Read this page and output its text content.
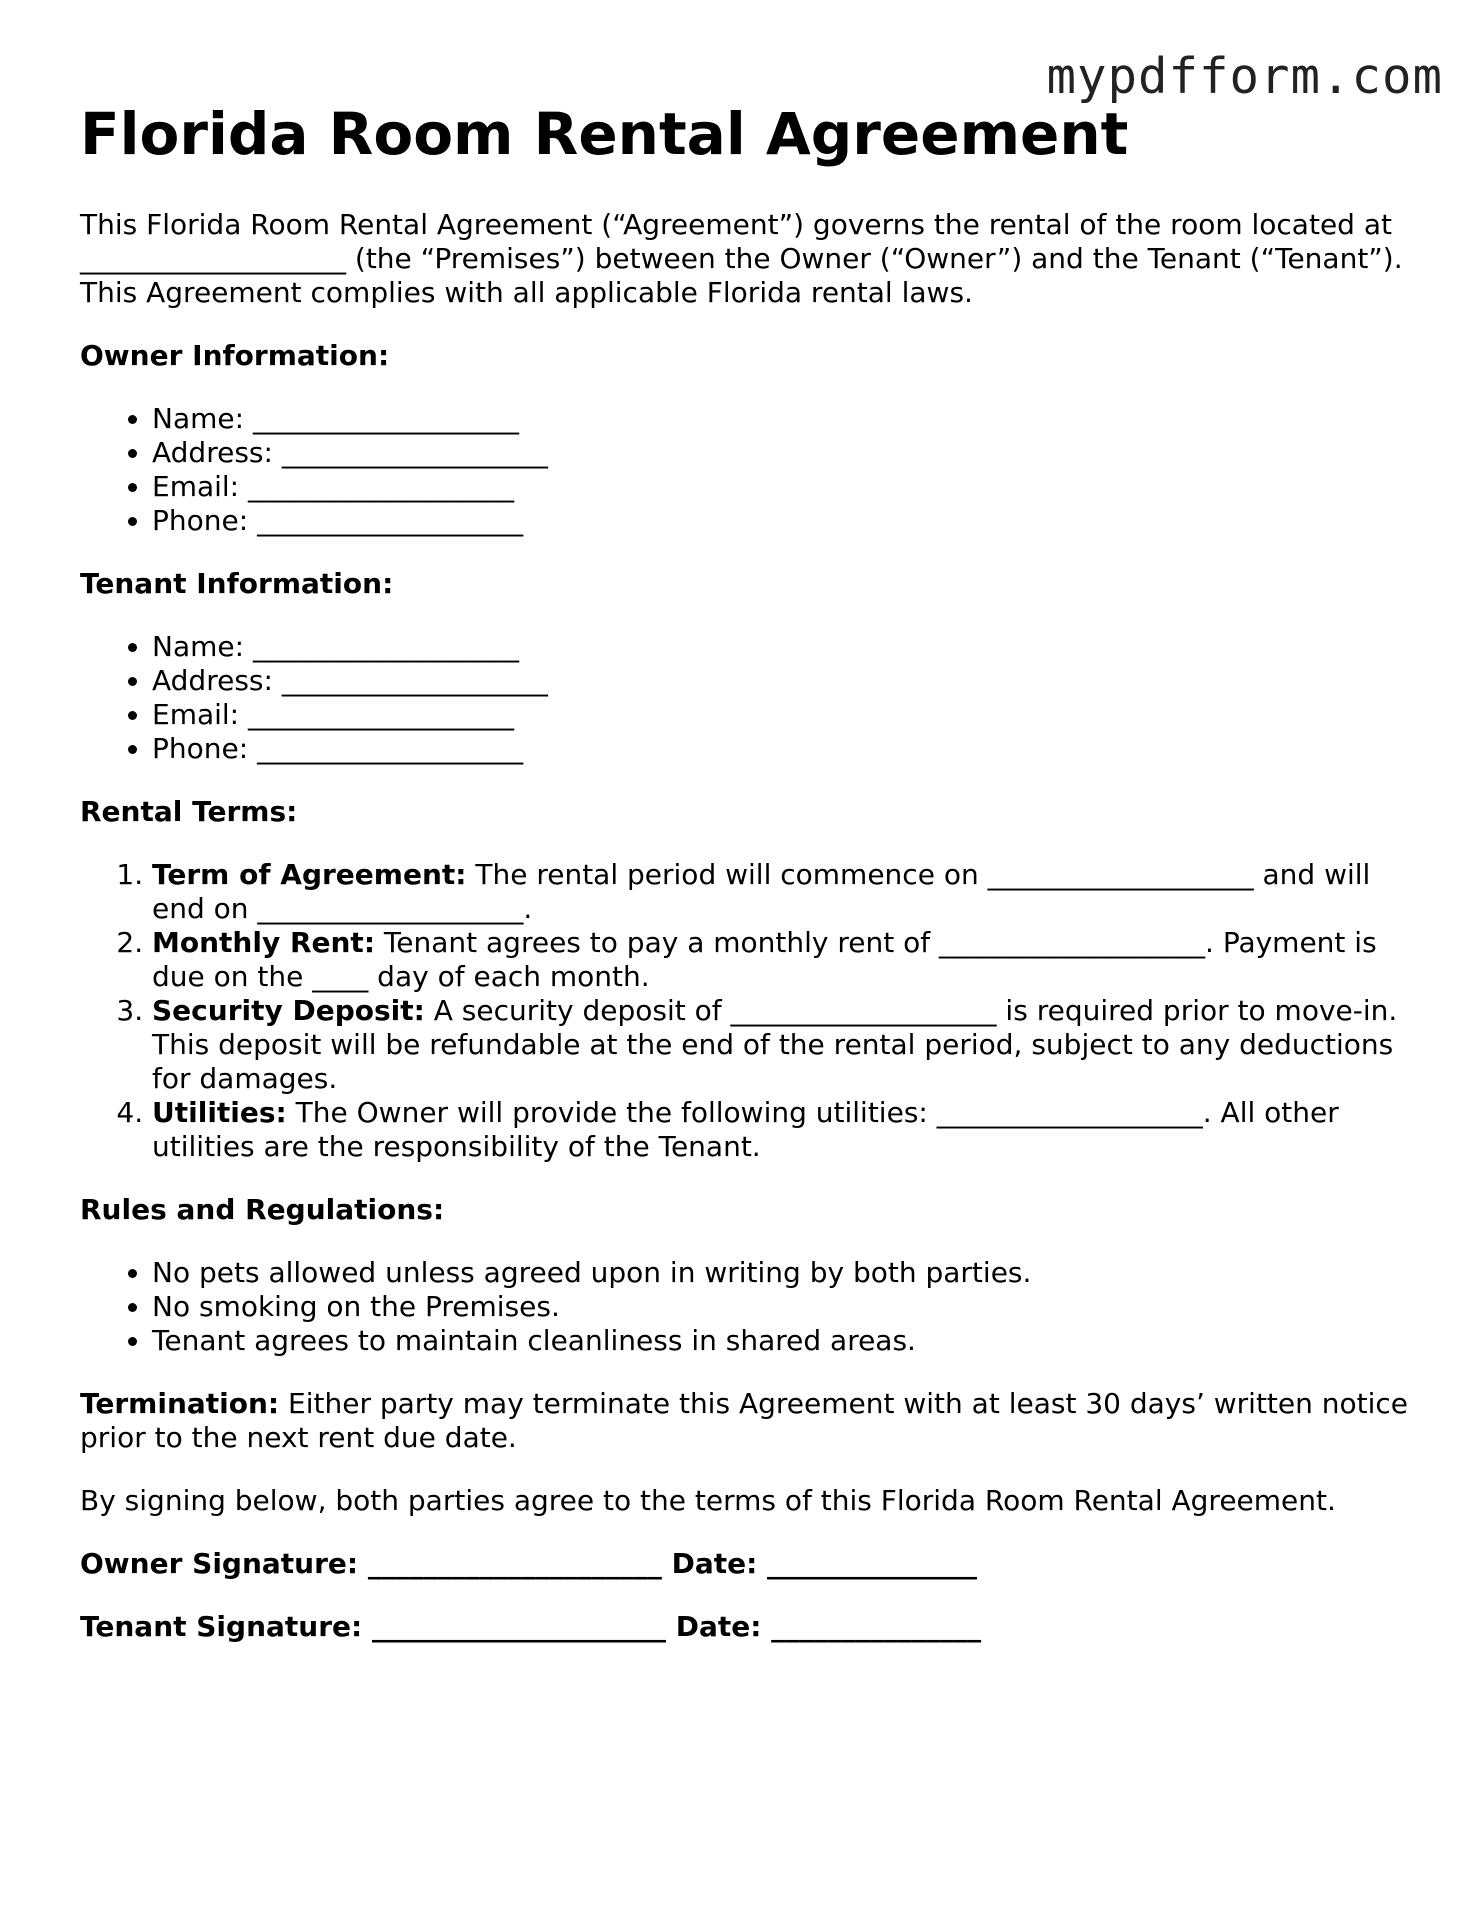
mypdfform.com

Florida Room Rental Agreement

This Florida Room Rental Agreement (“Agreement”) governs the rental of the room located at ___________________ (the “Premises”) between the Owner (“Owner”) and the Tenant (“Tenant”). This Agreement complies with all applicable Florida rental laws.

Owner Information:

• Name: ___________________
• Address: ___________________
• Email: ___________________
• Phone: ___________________

Tenant Information:

• Name: ___________________
• Address: ___________________
• Email: ___________________
• Phone: ___________________

Rental Terms:

1. Term of Agreement: The rental period will commence on ___________________ and will end on ___________________.
2. Monthly Rent: Tenant agrees to pay a monthly rent of ___________________. Payment is due on the ____ day of each month.
3. Security Deposit: A security deposit of ___________________ is required prior to move-in. This deposit will be refundable at the end of the rental period, subject to any deductions for damages.
4. Utilities: The Owner will provide the following utilities: ___________________. All other utilities are the responsibility of the Tenant.

Rules and Regulations:

• No pets allowed unless agreed upon in writing by both parties.
• No smoking on the Premises.
• Tenant agrees to maintain cleanliness in shared areas.

Termination: Either party may terminate this Agreement with at least 30 days’ written notice prior to the next rent due date.

By signing below, both parties agree to the terms of this Florida Room Rental Agreement.

Owner Signature: _____________________ Date: _______________

Tenant Signature: _____________________ Date: _______________
